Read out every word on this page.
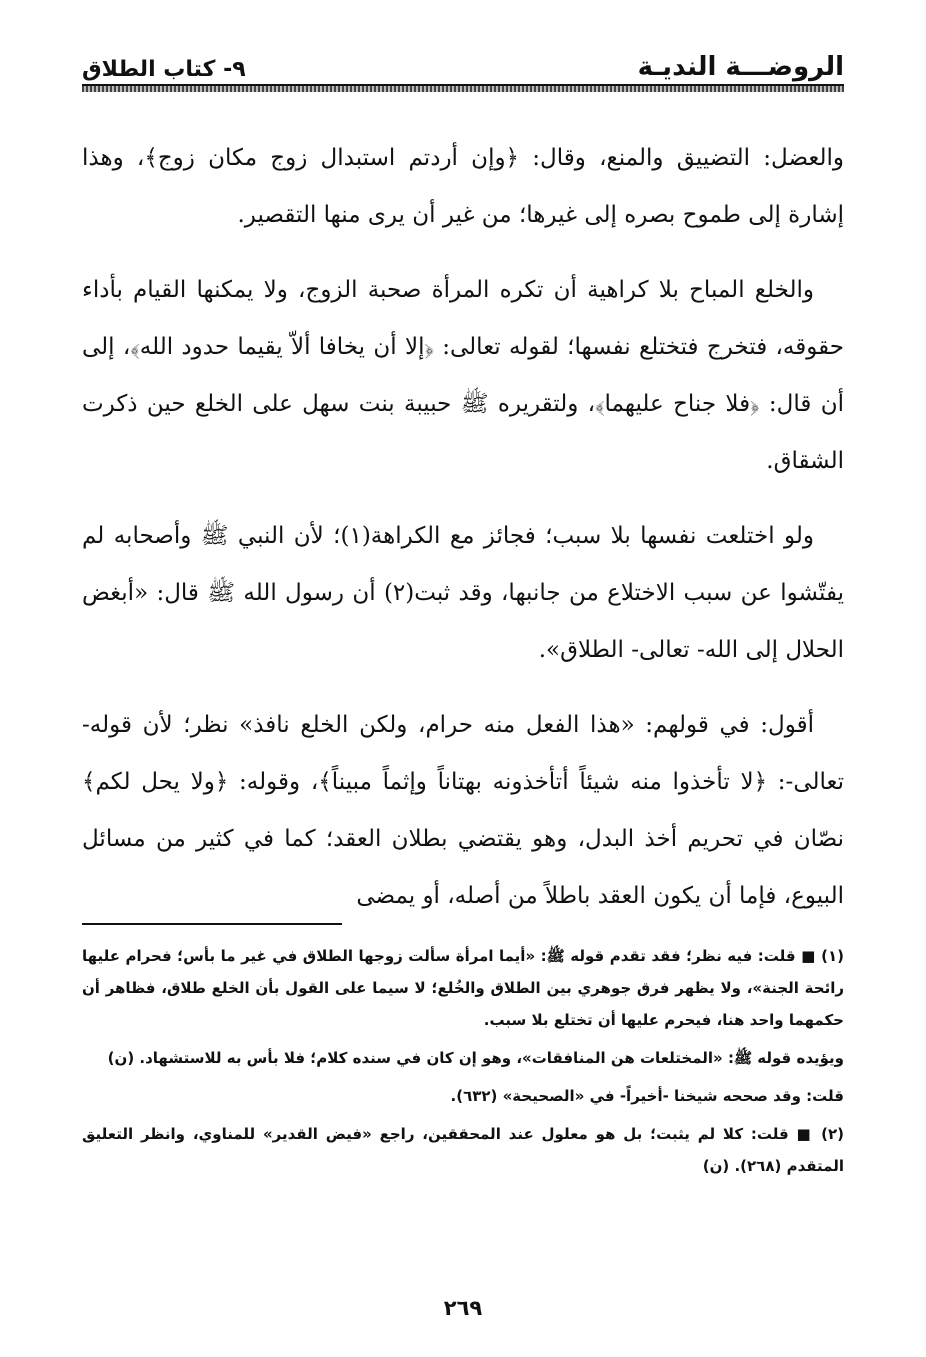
الروضـــة النديـة
٩- كتاب الطلاق

والعضل: التضييق والمنع، وقال: ﴿وإن أردتم استبدال زوج مكان زوج﴾، وهذا إشارة إلى طموح بصره إلى غيرها؛ من غير أن يرى منها التقصير.

والخلع المباح بلا كراهية أن تكره المرأة صحبة الزوج، ولا يمكنها القيام بأداء حقوقه، فتخرج فتختلع نفسها؛ لقوله تعالى: ﴿إلا أن يخافا ألاّ يقيما حدود الله﴾، إلى أن قال: ﴿فلا جناح عليهما﴾، ولتقريره ﷺ حبيبة بنت سهل على الخلع حين ذكرت الشقاق.

ولو اختلعت نفسها بلا سبب؛ فجائز مع الكراهة(١)؛ لأن النبي ﷺ وأصحابه لم يفتّشوا عن سبب الاختلاع من جانبها، وقد ثبت(٢) أن رسول الله ﷺ قال: «أبغض الحلال إلى الله- تعالى- الطلاق».

أقول: في قولهم: «هذا الفعل منه حرام، ولكن الخلع نافذ» نظر؛ لأن قوله-تعالى-: ﴿لا تأخذوا منه شيئاً أتأخذونه بهتاناً وإثماً مبيناً﴾، وقوله: ﴿ولا يحل لكم﴾ نصّان في تحريم أخذ البدل، وهو يقتضي بطلان العقد؛ كما في كثير من مسائل البيوع، فإما أن يكون العقد باطلاً من أصله، أو يمضى

(١) ■ قلت: فيه نظر؛ فقد تقدم قوله ﷺ: «أيما امرأة سألت زوجها الطلاق في غير ما بأس؛ فحرام عليها رائحة الجنة»، ولا يظهر فرق جوهري بين الطلاق والخُلع؛ لا سيما على القول بأن الخلع طلاق، فظاهر أن حكمهما واحد هنا، فيحرم عليها أن تختلع بلا سبب.

ويؤيده قوله ﷺ: «المختلعات هن المنافقات»، وهو إن كان في سنده كلام؛ فلا بأس به للاستشهاد. (ن)

قلت: وقد صححه شيخنا -أخيراً- في «الصحيحة» (٦٣٢).

(٢) ■ قلت: كلا لم يثبت؛ بل هو معلول عند المحققين، راجع «فيض القدير» للمناوي، وانظر التعليق المتقدم (٢٦٨). (ن)

٢٦٩
